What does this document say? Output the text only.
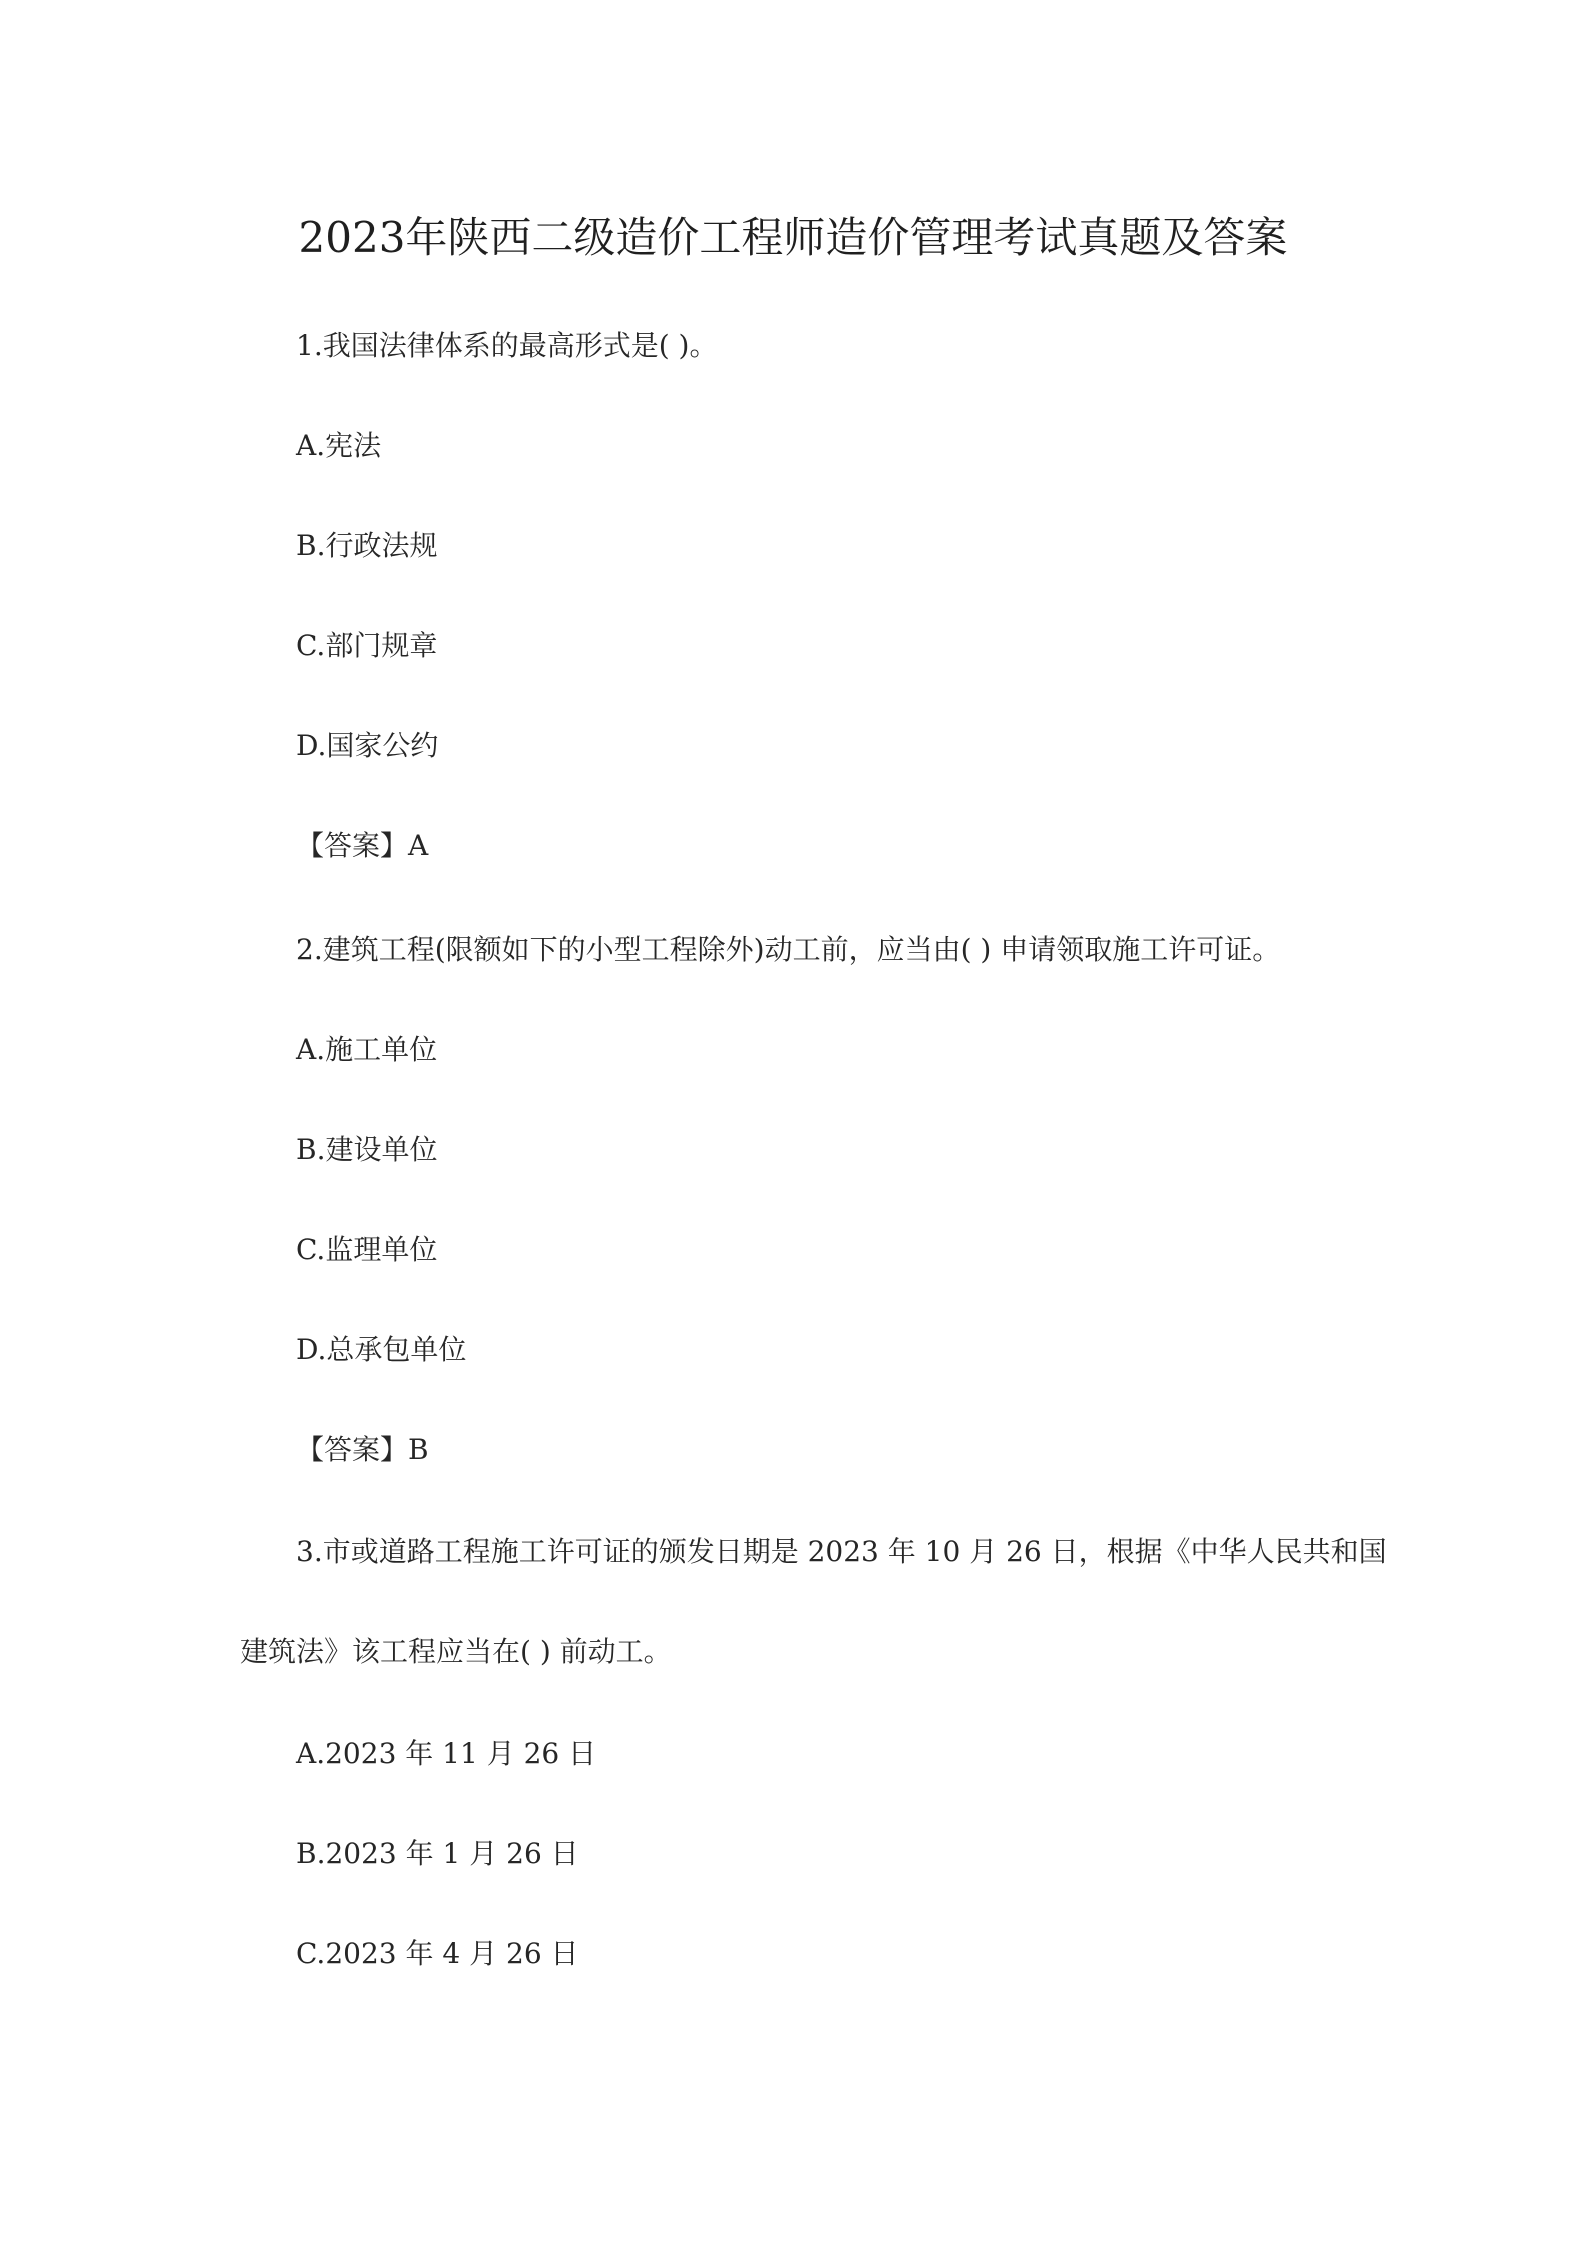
2023年陕西二级造价工程师造价管理考试真题及答案
1.我国法律体系的最高形式是( )。
A.宪法
B.行政法规
C.部门规章
D.国家公约
【答案】A
2.建筑工程(限额如下的小型工程除外)动工前，应当由( ) 申请领取施工许可证。
A.施工单位
B.建设单位
C.监理单位
D.总承包单位
【答案】B
3.市或道路工程施工许可证的颁发日期是 2023 年 10 月 26 日，根据《中华人民共和国
建筑法》该工程应当在( ) 前动工。
A.2023 年 11 月 26 日
B.2023 年 1 月 26 日
C.2023 年 4 月 26 日
